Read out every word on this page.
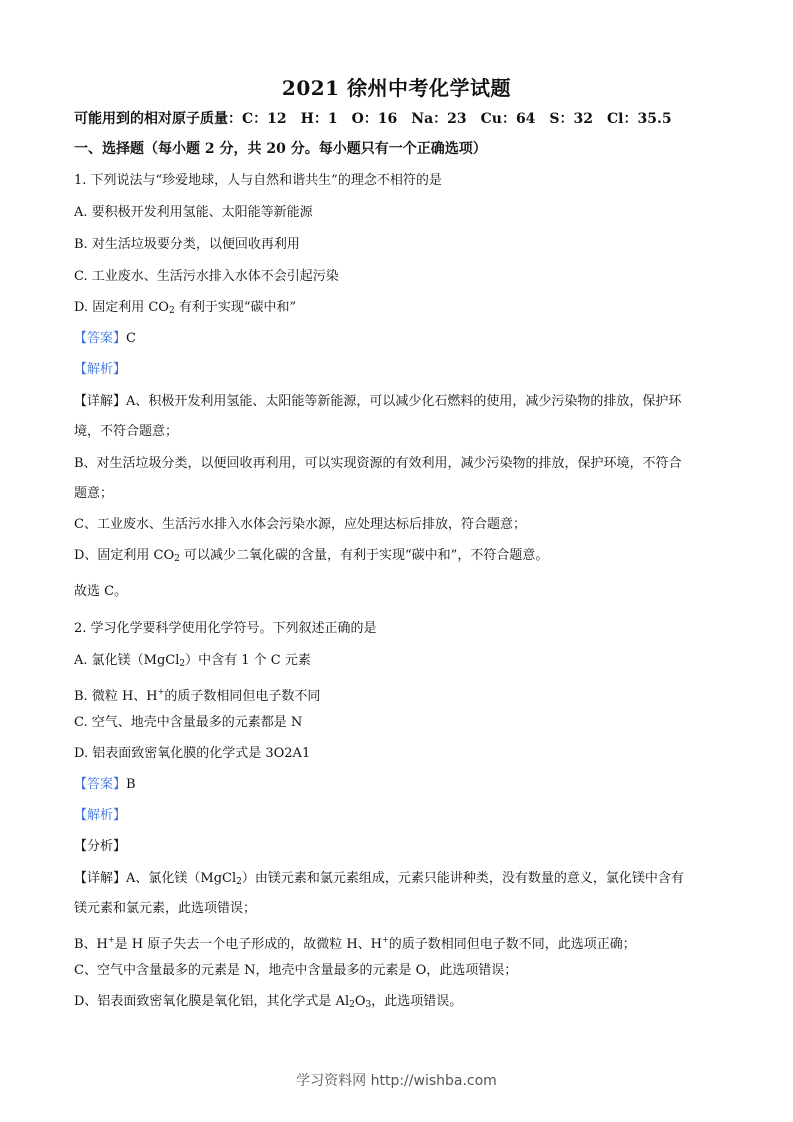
2021 徐州中考化学试题
可能用到的相对原子质量：C：12　H：1　O：16　Na：23　Cu：64　S：32　Cl：35.5
一、选择题（每小题 2 分，共 20 分。每小题只有一个正确选项）
1. 下列说法与“珍爱地球，人与自然和谐共生”的理念不相符的是
A. 要积极开发利用氢能、太阳能等新能源
B. 对生活垃圾要分类，以便回收再利用
C. 工业废水、生活污水排入水体不会引起污染
D. 固定利用 $CO_2$ 有利于实现“碳中和”
【答案】C
【解析】
【详解】A、积极开发利用氢能、太阳能等新能源，可以减少化石燃料的使用，减少污染物的排放，保护环
境，不符合题意；
B、对生活垃圾分类，以便回收再利用，可以实现资源的有效利用，减少污染物的排放，保护环境，不符合
题意；
C、工业废水、生活污水排入水体会污染水源，应处理达标后排放，符合题意；
D、固定利用 $CO_2$ 可以减少二氧化碳的含量，有利于实现“碳中和”，不符合题意。
故选 C。
2. 学习化学要科学使用化学符号。下列叙述正确的是
A. 氯化镁（MgCl$_2$）中含有 1 个 C 元素
B. 微粒 H、H+的质子数相同但电子数不同
C. 空气、地壳中含量最多的元素都是 N
D. 铝表面致密氧化膜的化学式是 3O2A1
【答案】B
【解析】
【分析】
【详解】A、氯化镁（MgCl$_2$）由镁元素和氯元素组成，元素只能讲种类，没有数量的意义，氯化镁中含有
镁元素和氯元素，此选项错误；
B、H+是 H 原子失去一个电子形成的，故微粒 H、H+的质子数相同但电子数不同，此选项正确；
C、空气中含量最多的元素是 N，地壳中含量最多的元素是 O，此选项错误；
D、铝表面致密氧化膜是氧化铝，其化学式是 $Al_2O_3$，此选项错误。
学习资料网 http://wishba.com
